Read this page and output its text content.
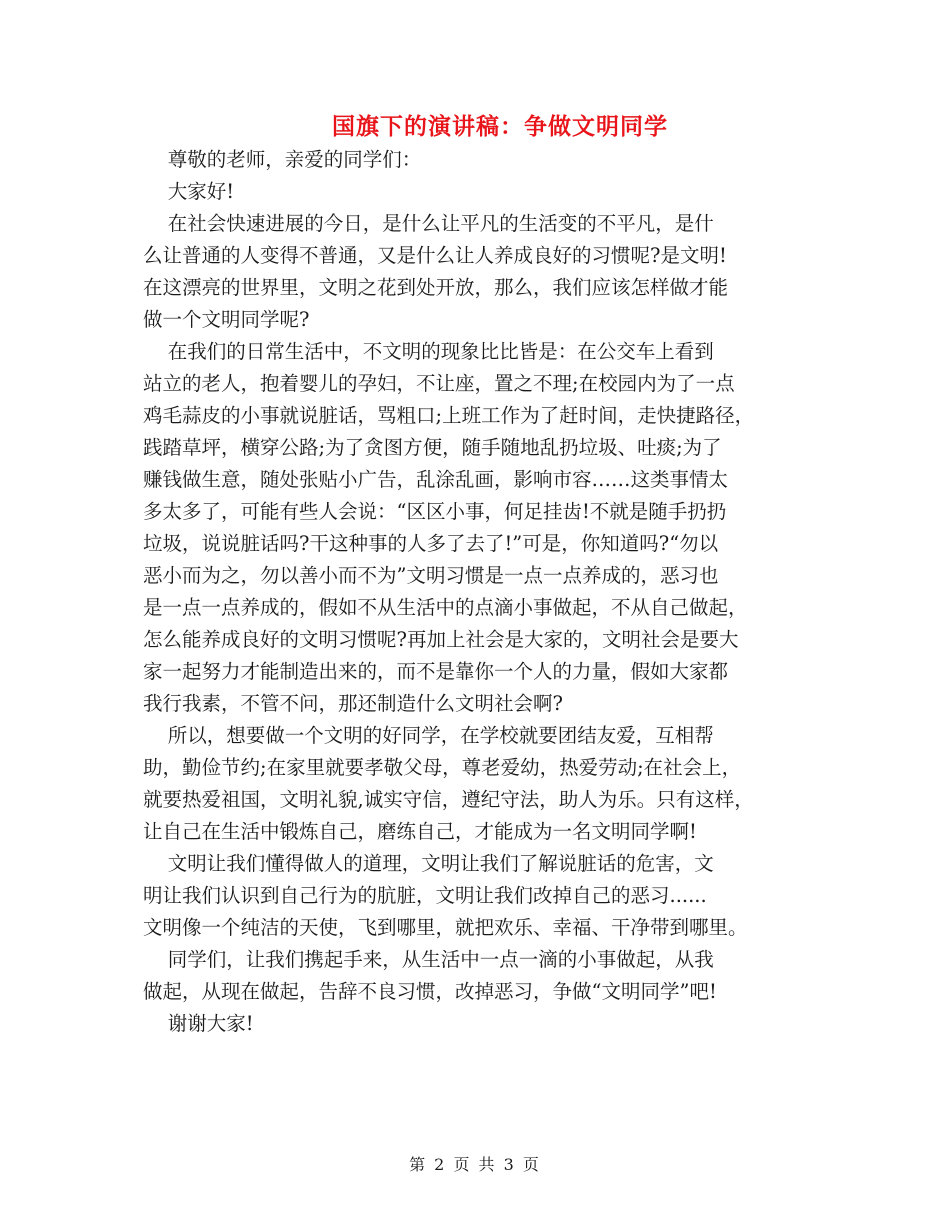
国旗下的演讲稿：争做文明同学
尊敬的老师，亲爱的同学们：
大家好!
在社会快速进展的今日，是什么让平凡的生活变的不平凡，是什
么让普通的人变得不普通，又是什么让人养成良好的习惯呢?是文明!
在这漂亮的世界里，文明之花到处开放，那么，我们应该怎样做才能
做一个文明同学呢?
在我们的日常生活中，不文明的现象比比皆是：在公交车上看到
站立的老人，抱着婴儿的孕妇，不让座，置之不理;在校园内为了一点
鸡毛蒜皮的小事就说脏话，骂粗口;上班工作为了赶时间，走快捷路径，
践踏草坪，横穿公路;为了贪图方便，随手随地乱扔垃圾、吐痰;为了
赚钱做生意，随处张贴小广告，乱涂乱画，影响市容……这类事情太
多太多了，可能有些人会说：“区区小事，何足挂齿!不就是随手扔扔
垃圾，说说脏话吗?干这种事的人多了去了!”可是，你知道吗?“勿以
恶小而为之，勿以善小而不为”文明习惯是一点一点养成的，恶习也
是一点一点养成的，假如不从生活中的点滴小事做起，不从自己做起，
怎么能养成良好的文明习惯呢?再加上社会是大家的，文明社会是要大
家一起努力才能制造出来的，而不是靠你一个人的力量，假如大家都
我行我素，不管不问，那还制造什么文明社会啊?
所以，想要做一个文明的好同学，在学校就要团结友爱，互相帮
助，勤俭节约;在家里就要孝敬父母，尊老爱幼，热爱劳动;在社会上，
就要热爱祖国，文明礼貌,诚实守信，遵纪守法，助人为乐。只有这样，
让自己在生活中锻炼自己，磨练自己，才能成为一名文明同学啊!
文明让我们懂得做人的道理，文明让我们了解说脏话的危害，文
明让我们认识到自己行为的肮脏，文明让我们改掉自己的恶习......
文明像一个纯洁的天使，飞到哪里，就把欢乐、幸福、干净带到哪里。
同学们，让我们携起手来，从生活中一点一滴的小事做起，从我
做起，从现在做起，告辞不良习惯，改掉恶习，争做“文明同学”吧!
谢谢大家!
第 2 页 共 3 页
